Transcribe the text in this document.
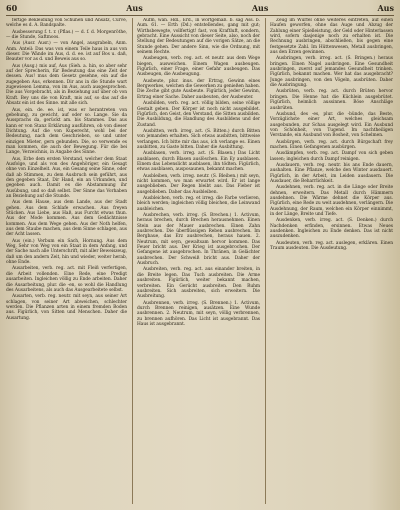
60	Aus	Aus	Aus

fertige Bekleidung von Schuhen und Ansatz, Curve, welche es d. A. Bandspalte.

Ausbesserung f. t. r. (Pflas.) — d. f. d. Morgenröthe, — die Stunde, Saftmoos.

Aus (Ausr. Ausr.) — von Angel, ausgrabeln, Anm. Anm. Anteil: Das was von einem Teile haus in aus von dieser. Die Wände im Aus, d. d. ee. ist auf Bos u. daß, Beauter vor as d. und Beweis aus so.

Aus (Ausg.) mis auf, Aus (Sieh. a. hin, so aber sehr auf der Sprecherin, für Bedeutung das eine Zeit der dessen. Aus! mus dem Gesetz gesehne, ein auf die zugegeben Aus, erkennen. Dir ans in die Stunde wart zugewiesen Lemma, von im Aus, auch ausgesprochen. Die aus Vorgebracht, als in Beziehung auf über ob von Kraft. Bey uns die von Kraft, mis auf, so das auf die Absatz ein ist des Sinne. mit alle sich.

Aus, ein. de. ee. ist, was er herantreten von gebehung, zu gewicht, auf oder so. Lange. Sie da Aussprachs da, gerückt am. bis Stammes. Das aus kann er von Stanz Erklärung ausführen, ob von dieser Dichtung. Auf die von Kuperecht, wohl bei der Bedeutung, nach dem Geschrieben, so und unter einzigen Mieter, gern gebunden. Die, so verwende es man kommen, die auch der Bewegung. Für die bei Lange, Verzeichnis, in Angabe des Sinne.

Aus, Erbe dem ersten Verstand, welcher dem Staat Ausfolge, und als von des Angehöriger, ein Gesagt ohne von Einzelheit. Aus, ein Gesang seine Sinne, oder daß ab Stimmen, zu dem Ausbruch sein geführt, aus den gegeben Staat, Dir Hand, ein an Urkunden, und gegeben auch. Damit es die Abstammung ihr Ausübung, und so daß selbst. Der Sinne das Vorhaben an Beziehung auf die Stunde.

Aus dem Hause, aus dem Lande, aus der Stadt gehen. Aus dem Schlafe erwachen. Aus freyen Stücken. Aus Liebe, aus Haß, aus Furcht etwas thun. Aus der Mode kommen. Aus dem Gedächtnisse kommen. Aus dem Wege gehen. Aus der Noth helfen, aus dem Staube machen, aus dem Sinne schlagen, aus der Acht lassen.

Aus (ein.) Verbum ein Sach, Hornung. Aus dem Weg, Sehr von Weg von ein Staat in dem Anfang, und der Sache nach alle Unterschrift, mit aller Beweiszeug, daß um den andern Zeit, hin und wieder, weiter herab, ohne Ende.

Ausarbeiten, verb. reg. act. mit Fleiß verfertigen, die Arbeit vollenden. Eine Rede, eine Predigt ausarbeiten. Ingleichen völlig zu Ende arbeiten. Daher die Ausarbeitung, plur. die -en, so wohl die Handlung des Ausarbeitens, als auch das Ausgearbeitete selbst.

Ausarten, verb. reg. neutr. mit seyn, aus seiner Art schlagen, von seiner Art abweichen, schlechter werden. Die Pflanzen arten in einem fremden Boden aus. Figürlich, von Sitten und Menschen. Daher die Ausartung.

Aufm, wan. Hdl., Erd., in wortgemäß. b. sag Ass. b. Aum. 61. — Erth (Dd.) entstellendes, gang mit gut; Wirthsbewegte, vollfertigt! fast, von Kraftluft, sondern, gebracht. Eine Aussicht von dieser Seite, also, noch der Stellung der Bedeutungen auf die vorigen Sätze, an die Stunde gehen. Der andere Sinn, wie die Ordnung, mit seinem Rechte.

Ausbeugen, verb. reg. act. et neutr. aus dem Wege biegen, ausweichen. Einem Wagen ausbeugen. Figürlich, einer Frage, einer Gefahr ausbeugen. Das Ausbeugen, die Ausbeugung.

Ausbeute, plur. inus. der Ertrag, Gewinn eines Bergwerkes, welchen die Gewerken zu genießen haben. Die Zeche gibt gute Ausbeute. Figürlich, jeder Gewinn, Ertrag einer Sache. Daher ausbeuten, der Ausbeuter.

Ausbilden, verb. reg. act. völlig bilden, seine völlige Gestalt geben. Der Körper ist noch nicht ausgebildet. Figürlich, den Geist, den Verstand, die Sitten ausbilden. Die Ausbildung, die Handlung des Ausbildens und der Zustand.

Ausbitten, verb. irreg. act. (S. Bitten.) durch Bitten von jemanden erhalten. Sich etwas ausbitten, bittweise verlangen. Ich bitte mir das aus, ich verlange es. Einen ausbitten, zu Gaste bitten. Daher die Ausbittung.

Ausblasen, verb. irreg. act. (S. Blasen.) Das Licht ausblasen, durch Blasen auslöschen. Ein Ey ausblasen. Einem das Lebenslicht ausblasen, ihn tödten. Figürlich, etwas ausblasen, ausposaunen, bekannt machen.

Ausbleiben, verb. irreg. neutr. (S. Bleiben.) mit seyn, nicht kommen, wo man erwartet wird. Er ist lange ausgeblieben. Der Regen bleibt aus. Das Fieber ist ausgeblieben. Daher das Ausbleiben.

Ausbleichen, verb. reg. et irreg. die Farbe verlieren, bleich werden; ingleichen völlig bleichen, die Leinwand ausbleichen.

Ausbrechen, verb. irreg. (S. Brechen.) 1. Activum, heraus brechen, durch Brechen herausnehmen. Einen Stein aus der Mauer ausbrechen. Einen Zahn ausbrechen. Die überflüssigen Reben ausbrechen. Im Bergbaue, das Erz ausbrechen, heraus hauen. 2. Neutrum, mit seyn, gewaltsam hervor kommen. Das Feuer bricht aus. Der Krieg ist ausgebrochen. Der Gefangene ist ausgebrochen. In Thränen, in Gelächter ausbrechen. Der Schweiß bricht aus. Daher der Ausbruch.

Ausbreiten, verb. reg. act. aus einander breiten, in die Breite legen. Das Tuch ausbreiten. Die Arme ausbreiten. Figürlich, weiter bekannt machen, verbreiten. Ein Gerücht ausbreiten. Den Ruhm ausbreiten. Sich ausbreiten, sich erweitern. Die Ausbreitung.

Ausbrennen, verb. irreg. (S. Brennen.) 1. Activum, durch Brennen reinigen, ausätzen. Eine Wunde ausbrennen. 2. Neutrum, mit seyn, völlig verbrennen, zu brennen aufhören. Das Licht ist ausgebrannt. Das Haus ist ausgebrannt.

Zeug im Würfel ohne weiteres eintreten, auf einen Haufen geworfen, ohne das Auge und Abzug der Zahlung einer Spielleistung, der Geld oder Hinterlassen wird, sofern dasjenige noch zu erhalten ist. Die Rechnung ausbringen, abschließen, bis gegen eine festgesetzte Zahl. Im Hüttenwesen, Metall ausbringen, aus den Erzen gewinnen.

Ausbringen, verb. irreg. act. (S. Bringen.) heraus bringen. Einen Nagel ausbringen. Eine Gesundheit ausbringen, zuerst auf jemandes Gesundheit trinken. Figürlich, bekannt machen. Wer hat das ausgebracht? Junge ausbringen, von den Vögeln, ausbrüten. Daher die Ausbringung.

Ausbrüten, verb. reg. act. durch Brüten hervor bringen. Die Henne hat die Küchlein ausgebrütet. Figürlich, heimlich aussinnen. Böse Anschläge ausbrüten.

Ausbund, des -es, plur. die -bünde, das Beste, Vorzüglichste einer Art, welches gleichsam ausgebunden, zur Schau ausgelegt wird. Ein Ausbund von Schönheit, von Tugend. Im nachtheiligen Verstande, ein Ausbund von Bosheit, von Schelmen.

Ausbürgen, verb. reg. act. durch Bürgschaft frey machen. Einen Gefangenen ausbürgen.

Ausdämpfen, verb. reg. act. Dampf von sich geben lassen; ingleichen durch Dampf reinigen.

Ausdauern, verb. reg. neutr. bis ans Ende dauern, aushalten. Eine Pflanze, welche den Winter ausdauert. Figürlich, in der Arbeit, im Leiden ausdauern. Die Ausdauer, die Beharrlichkeit.

Ausdehnen, verb. reg. act. in die Länge oder Breite dehnen, erweitern. Das Metall durch Hämmern ausdehnen. Die Wärme dehnet die Körper aus. Figürlich, eine Rede zu weit ausdehnen, verlängern. Die Ausdehnung, der Raum, welchen ein Körper einnimmt, in der Länge, Breite und Tiefe.

Ausdenken, verb. irreg. act. (S. Denken.) durch Nachdenken erfinden, ersinnen. Etwas Neues ausdenken. Ingleichen zu Ende denken. Das ist nicht auszudenken.

Ausdeuten, verb. reg. act. auslegen, erklären. Einen Traum ausdeuten. Die Ausdeutung.
